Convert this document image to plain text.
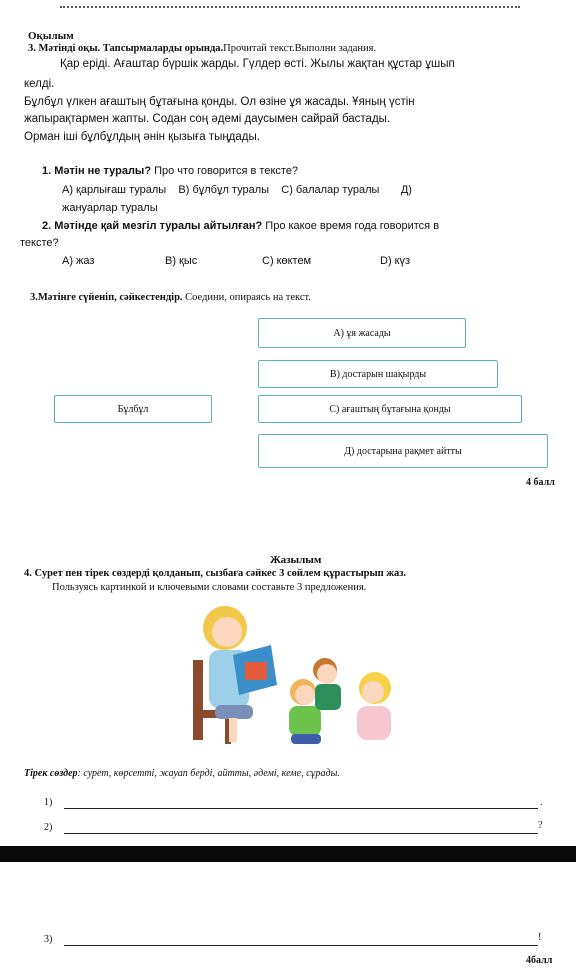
Оқылым
3. Мәтінді оқы. Тапсырмаларды орында.Прочитай текст.Выполни задания.
Қар еріді. Ағаштар бүршік жарды. Гүлдер өсті. Жылы жақтан құстар ұшып
келді.
Бұлбұл үлкен ағаштың бұтағына қонды. Ол өзіне ұя жасады. Ұяның үстін
жапырақтармен жапты. Содан соң әдемі даусымен сайрай бастады.
Орман іші бұлбұлдың әнін қызыға тыңдады.
1. Мәтін не туралы? Про что говорится в тексте?
А) қарлығаш туралы    В) бұлбұл туралы    С) балалар туралы       Д)
жануарлар туралы
2. Мәтінде қай мезгіл туралы айтылған? Про какое время года говорится в
тексте?
А) жаз	В) қыс	С) көктем	D) күз
3.Мәтінге сүйеніп, сәйкестендір. Соедини, опираясь на текст.
А) ұя жасады
В) достарын шақырды
Бұлбұл	С) ағаштың бұтағына қонды
Д) достарына рақмет айтты
4 балл
Жазылым
4. Сурет пен тірек сөздерді қолданып, сызбаға сәйкес 3 сөйлем құрастырып жаз.
Пользуясь картинкой и ключевыми словами составьте 3 предложения.
Тірек сөздер: сурет, көрсетті, жауап берді, айтты, әдемі, кеме, сұрады.
1)	.
2)	?
3)	!
4балл
